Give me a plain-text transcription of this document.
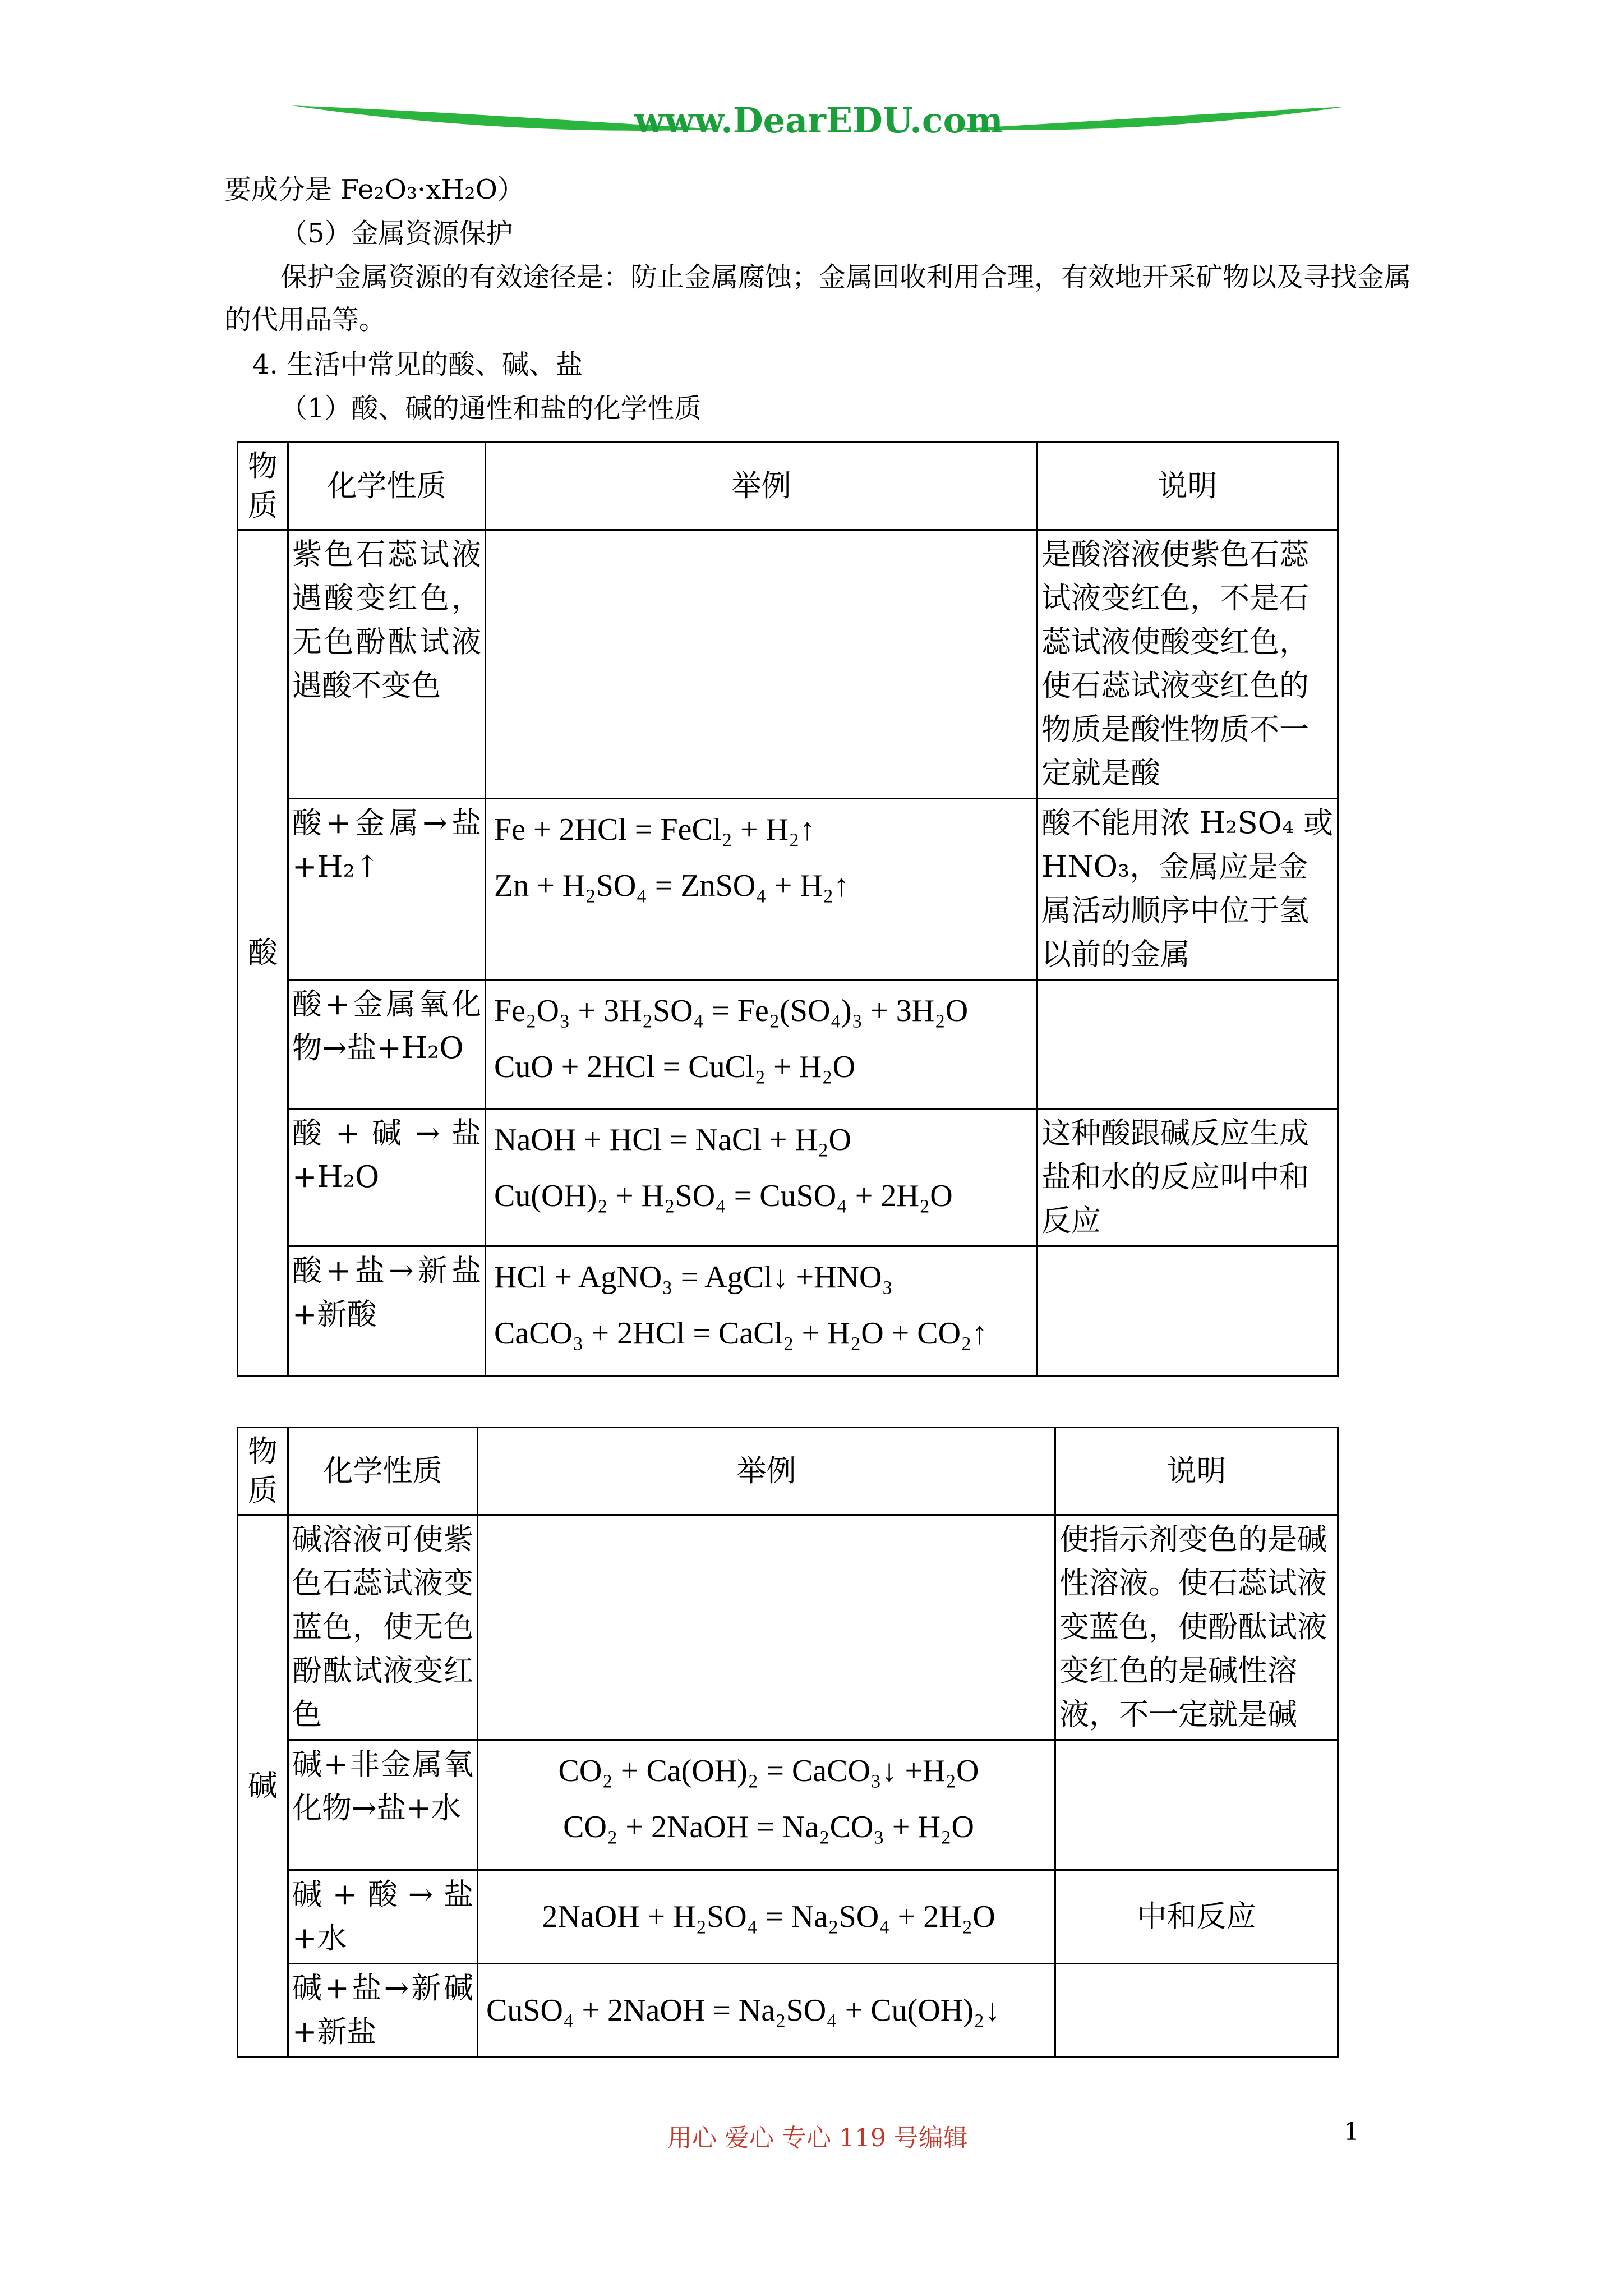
www.DearEDU.com
要成分是 Fe₂O₃·xH₂O）
（5）金属资源保护
保护金属资源的有效途径是：防止金属腐蚀；金属回收利用合理，有效地开采矿物以及寻找金属的代用品等。
4. 生活中常见的酸、碱、盐
（1）酸、碱的通性和盐的化学性质
物质	化学性质	举例	说明
酸	紫色石蕊试液遇酸变红色，无色酚酞试液遇酸不变色		是酸溶液使紫色石蕊试液变红色，不是石蕊试液使酸变红色，使石蕊试液变红色的物质是酸性物质不一定就是酸
	酸+金属→盐+H₂↑	Fe + 2HCl = FeCl₂ + H₂↑
Zn + H₂SO₄ = ZnSO₄ + H₂↑	酸不能用浓 H₂SO₄ 或 HNO₃，金属应是金属活动顺序中位于氢以前的金属
	酸+金属氧化物→盐+H₂O	Fe₂O₃ + 3H₂SO₄ = Fe₂(SO₄)₃ + 3H₂O
CuO + 2HCl = CuCl₂ + H₂O	

	酸 + 碱 → 盐+H₂O	NaOH + HCl = NaCl + H₂O
Cu(OH)₂ + H₂SO₄ = CuSO₄ + 2H₂O	这种酸跟碱反应生成盐和水的反应叫中和反应
	酸+盐→新盐+新酸	HCl + AgNO₃ = AgCl↓ +HNO₃
CaCO₃ + 2HCl = CaCl₂ + H₂O + CO₂↑	

物质	化学性质	举例	说明
碱	碱溶液可使紫色石蕊试液变蓝色，使无色酚酞试液变红色		使指示剂变色的是碱性溶液。使石蕊试液变蓝色，使酚酞试液变红色的是碱性溶液，不一定就是碱
	碱+非金属氧化物→盐+水	CO₂ + Ca(OH)₂ = CaCO₃↓ +H₂O
CO₂ + 2NaOH = Na₂CO₃ + H₂O	

	碱+酸→盐+水	2NaOH + H₂SO₄ = Na₂SO₄ + 2H₂O	中和反应
	碱+盐→新碱+新盐	CuSO₄ + 2NaOH = Na₂SO₄ + Cu(OH)₂↓	

用心 爱心 专心 119 号编辑	1
